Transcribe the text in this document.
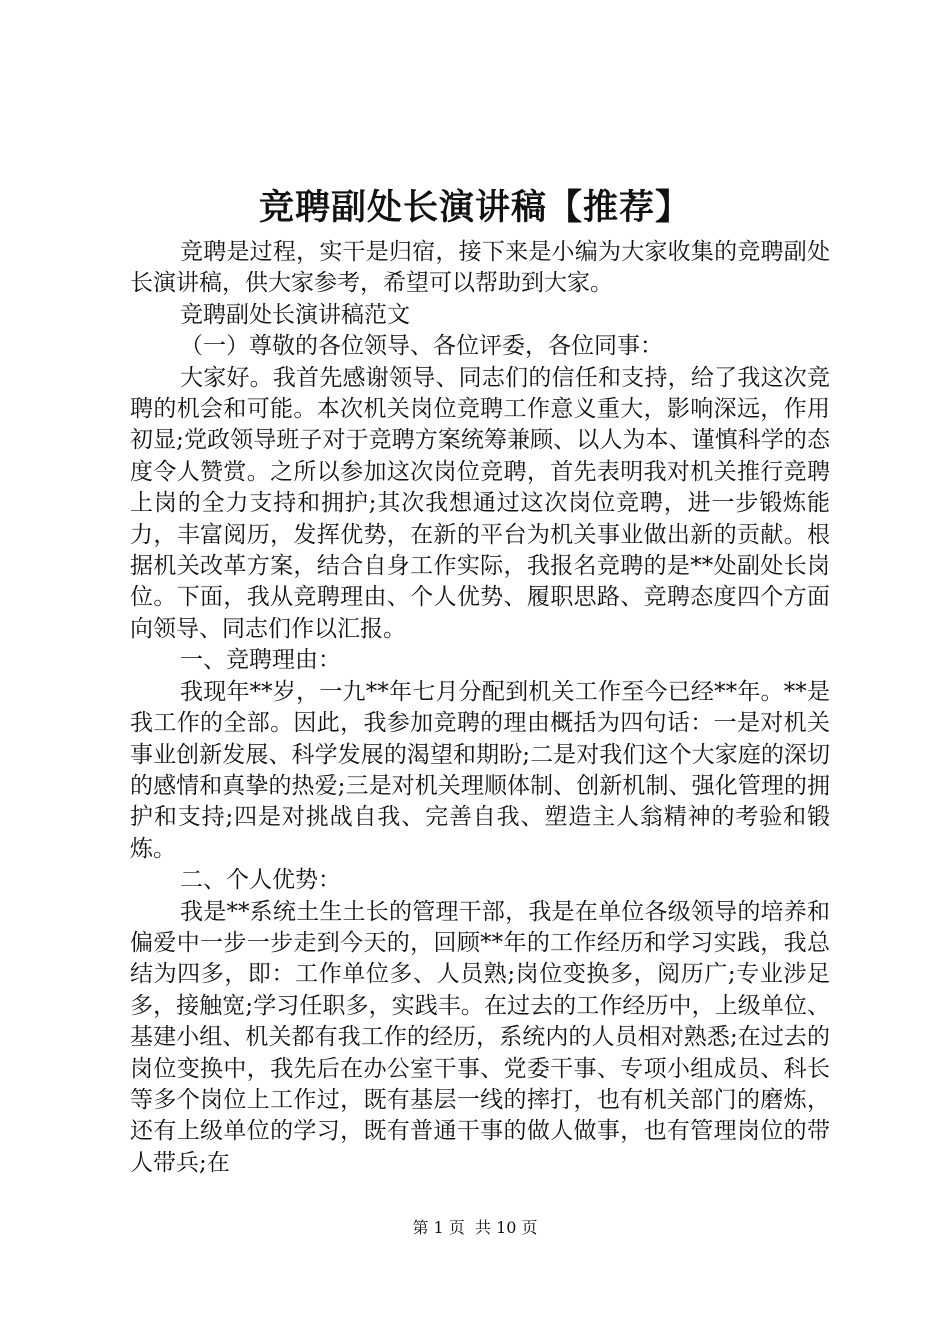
竞聘副处长演讲稿【推荐】

竞聘是过程，实干是归宿，接下来是小编为大家收集的竞聘副处长演讲稿，供大家参考，希望可以帮助到大家。

竞聘副处长演讲稿范文

（一）尊敬的各位领导、各位评委，各位同事：

大家好。我首先感谢领导、同志们的信任和支持，给了我这次竞聘的机会和可能。本次机关岗位竞聘工作意义重大，影响深远，作用初显;党政领导班子对于竞聘方案统筹兼顾、以人为本、谨慎科学的态度令人赞赏。之所以参加这次岗位竞聘，首先表明我对机关推行竞聘上岗的全力支持和拥护;其次我想通过这次岗位竞聘，进一步锻炼能力，丰富阅历，发挥优势，在新的平台为机关事业做出新的贡献。根据机关改革方案，结合自身工作实际，我报名竞聘的是**处副处长岗位。下面，我从竞聘理由、个人优势、履职思路、竞聘态度四个方面向领导、同志们作以汇报。

一、竞聘理由：

我现年**岁，一九**年七月分配到机关工作至今已经**年。**是我工作的全部。因此，我参加竞聘的理由概括为四句话：一是对机关事业创新发展、科学发展的渴望和期盼;二是对我们这个大家庭的深切的感情和真挚的热爱;三是对机关理顺体制、创新机制、强化管理的拥护和支持;四是对挑战自我、完善自我、塑造主人翁精神的考验和锻炼。

二、个人优势：

我是**系统土生土长的管理干部，我是在单位各级领导的培养和偏爱中一步一步走到今天的，回顾**年的工作经历和学习实践，我总结为四多，即：工作单位多、人员熟;岗位变换多，阅历广;专业涉足多，接触宽;学习任职多，实践丰。在过去的工作经历中，上级单位、基建小组、机关都有我工作的经历，系统内的人员相对熟悉;在过去的岗位变换中，我先后在办公室干事、党委干事、专项小组成员、科长等多个岗位上工作过，既有基层一线的摔打，也有机关部门的磨炼，还有上级单位的学习，既有普通干事的做人做事，也有管理岗位的带人带兵;在

第 1 页  共 10 页
